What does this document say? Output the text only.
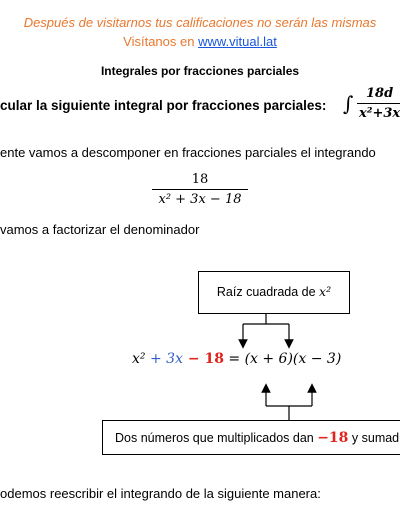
Después de visitarnos tus calificaciones no serán las mismas
Visítanos en www.vitual.lat
Integrales por fracciones parciales
cular la siguiente integral por fracciones parciales: ∫ $\frac{18d}{\text{x²+3x}}$
ente vamos a descomponer en fracciones parciales el integrando
$\frac{18}{\text{x² + 3x − 18}}$
vamos a factorizar el denominador
Raíz cuadrada de x²
x² + 3x − 18 = (x + 6)(x − 3)
Dos números que multiplicados dan −18 y sumad
odemos reescribir el integrando de la siguiente manera:
